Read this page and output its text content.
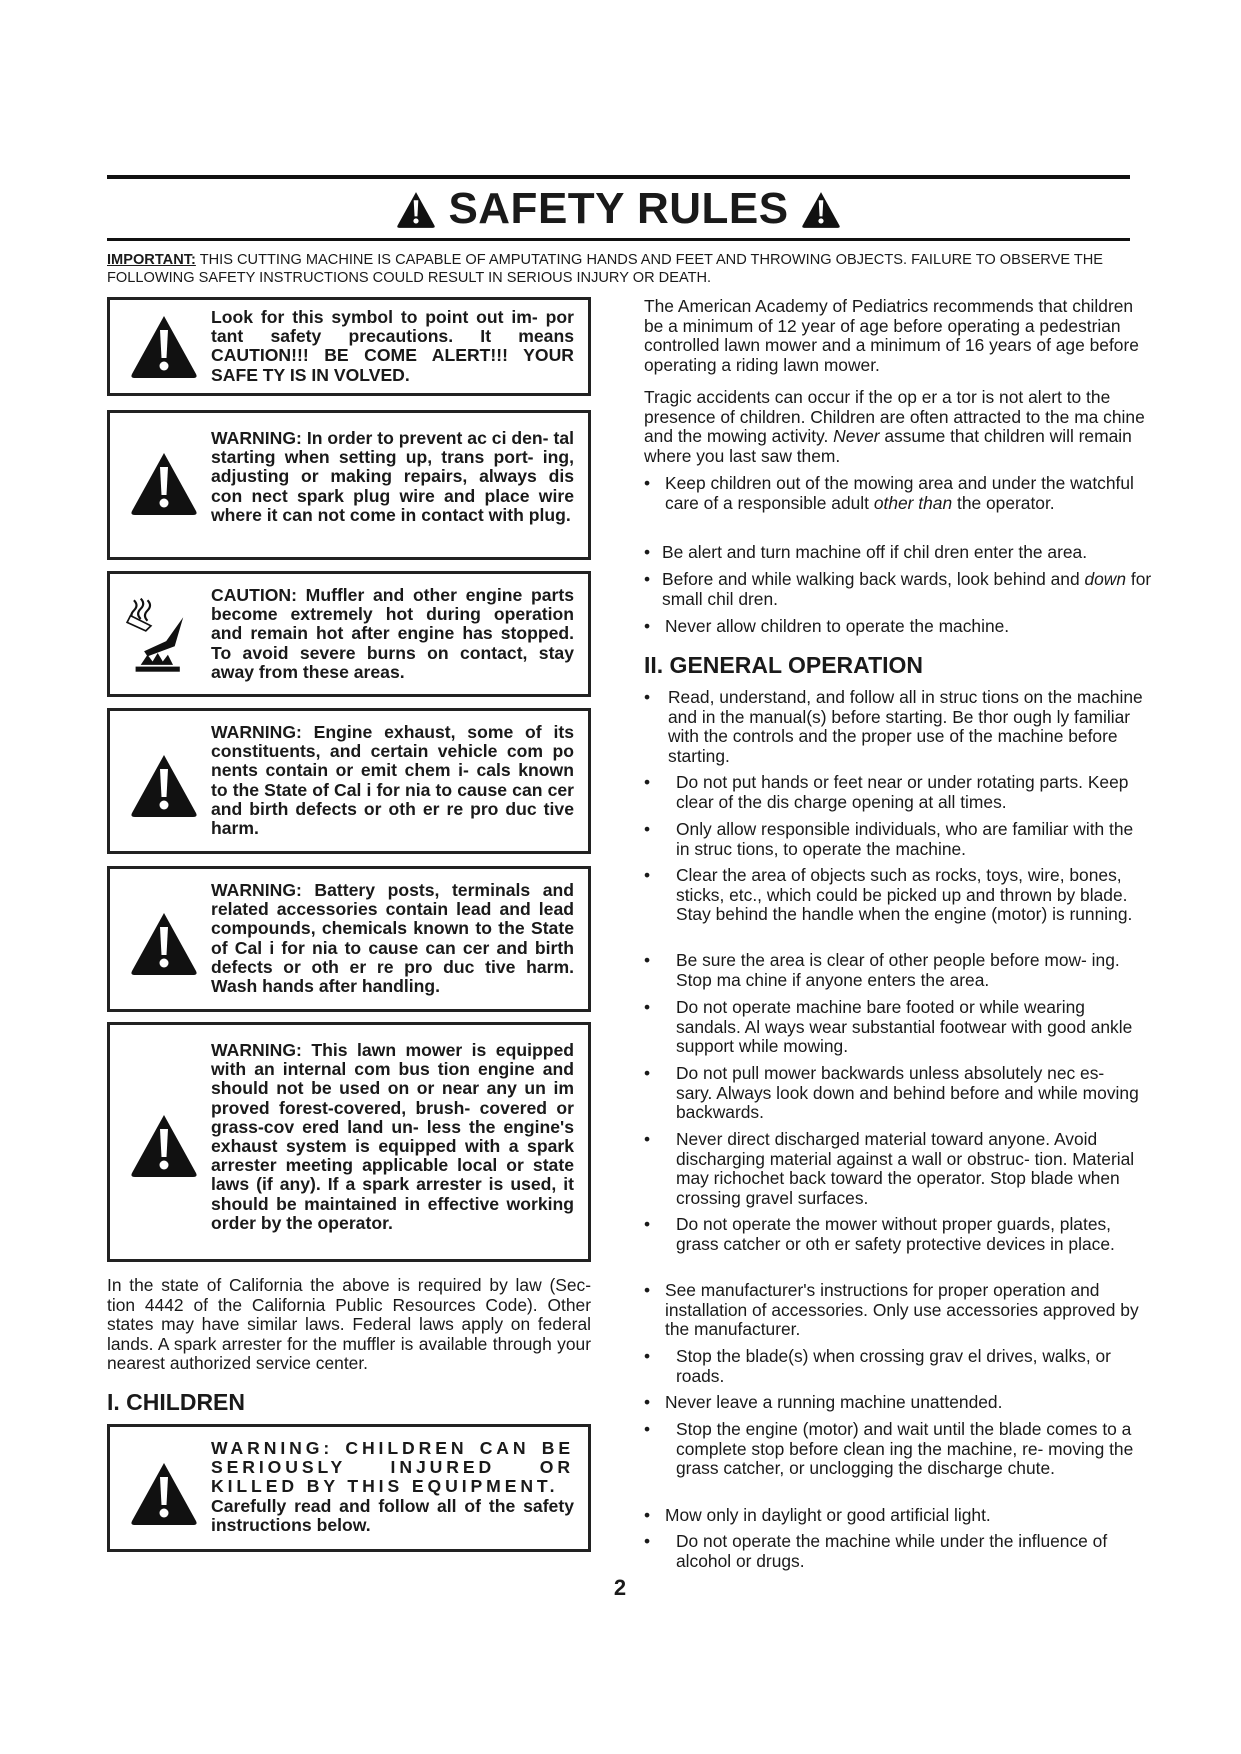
SAFETY RULES
IMPORTANT: THIS CUTTING MACHINE IS CAPABLE OF AMPUTATING HANDS AND FEET AND THROWING OBJECTS. FAILURE TO OBSERVE THE FOLLOWING SAFETY INSTRUCTIONS COULD RESULT IN SERIOUS INJURY OR DEATH.
Look for this symbol to point out im- por tant safety precautions. It means CAUTION!!! BE COME ALERT!!! YOUR SAFE TY IS IN VOLVED.
WARNING: In order to prevent ac ci den- tal starting when setting up, trans port- ing, adjusting or making repairs, always dis con nect spark plug wire and place wire where it can not come in contact with plug.
CAUTION: Muffler and other engine parts become extremely hot during operation and remain hot after engine has stopped. To avoid severe burns on contact, stay away from these areas.
WARNING: Engine exhaust, some of its constituents, and certain vehicle com po nents contain or emit chem i- cals known to the State of Cal i for nia to cause can cer and birth defects or oth er re pro duc tive harm.
WARNING: Battery posts, terminals and related accessories contain lead and lead compounds, chemicals known to the State of Cal i for nia to cause can cer and birth defects or oth er re pro duc tive harm. Wash hands after handling.
WARNING: This lawn mower is equipped with an internal com bus tion engine and should not be used on or near any un im proved forest-covered, brush- covered or grass-cov ered land un- less the engine's exhaust system is equipped with a spark arrester meeting applicable local or state laws (if any). If a spark arrester is used, it should be maintained in effective working order by the operator.
In the state of California the above is required by law (Sec- tion 4442 of the California Public Resources Code). Other states may have similar laws. Federal laws apply on federal lands. A spark arrester for the muffler is available through your nearest authorized service center.
I. CHILDREN
WARNING: CHILDREN CAN BE SERIOUSLY INJURED OR KILLED BY THIS EQUIPMENT.
Carefully read and follow all of the safety instructions below.
The American Academy of Pediatrics recommends that children be a minimum of 12 year of age before operating a pedestrian controlled lawn mower and a minimum of 16 years of age before operating a riding lawn mower.
Tragic accidents can occur if the op er a tor is not alert to the presence of children. Children are often attracted to the ma chine and the mowing activity. Never assume that children will remain where you last saw them.
• Keep children out of the mowing area and under the watchful care of a responsible adult other than the operator.
• Be alert and turn machine off if chil dren enter the area.
• Before and while walking back wards, look behind and down for small chil dren.
• Never allow children to operate the machine.
II. GENERAL OPERATION
• Read, understand, and follow all in struc tions on the machine and in the manual(s) before starting. Be thor ough ly familiar with the controls and the proper use of the machine before starting.
• Do not put hands or feet near or under rotating parts. Keep clear of the dis charge opening at all times.
• Only allow responsible individuals, who are familiar with the in struc tions, to operate the machine.
• Clear the area of objects such as rocks, toys, wire, bones, sticks, etc., which could be picked up and thrown by blade. Stay behind the handle when the engine (motor) is running.
• Be sure the area is clear of other people before mow- ing. Stop ma chine if anyone enters the area.
• Do not operate machine bare footed or while wearing sandals. Al ways wear substantial footwear with good ankle support while mowing.
• Do not pull mower backwards unless absolutely nec es- sary. Always look down and behind before and while moving backwards.
• Never direct discharged material toward anyone. Avoid discharging material against a wall or obstruc- tion. Material may richochet back toward the operator. Stop blade when crossing gravel surfaces.
• Do not operate the mower without proper guards, plates, grass catcher or oth er safety protective devices in place.
• See manufacturer's instructions for proper operation and installation of accessories. Only use accessories approved by the manufacturer.
• Stop the blade(s) when crossing grav el drives, walks, or roads.
• Never leave a running machine unattended.
• Stop the engine (motor) and wait until the blade comes to a complete stop before clean ing the machine, re- moving the grass catcher, or unclogging the discharge chute.
• Mow only in daylight or good artificial light.
• Do not operate the machine while under the influence of alcohol or drugs.
2
